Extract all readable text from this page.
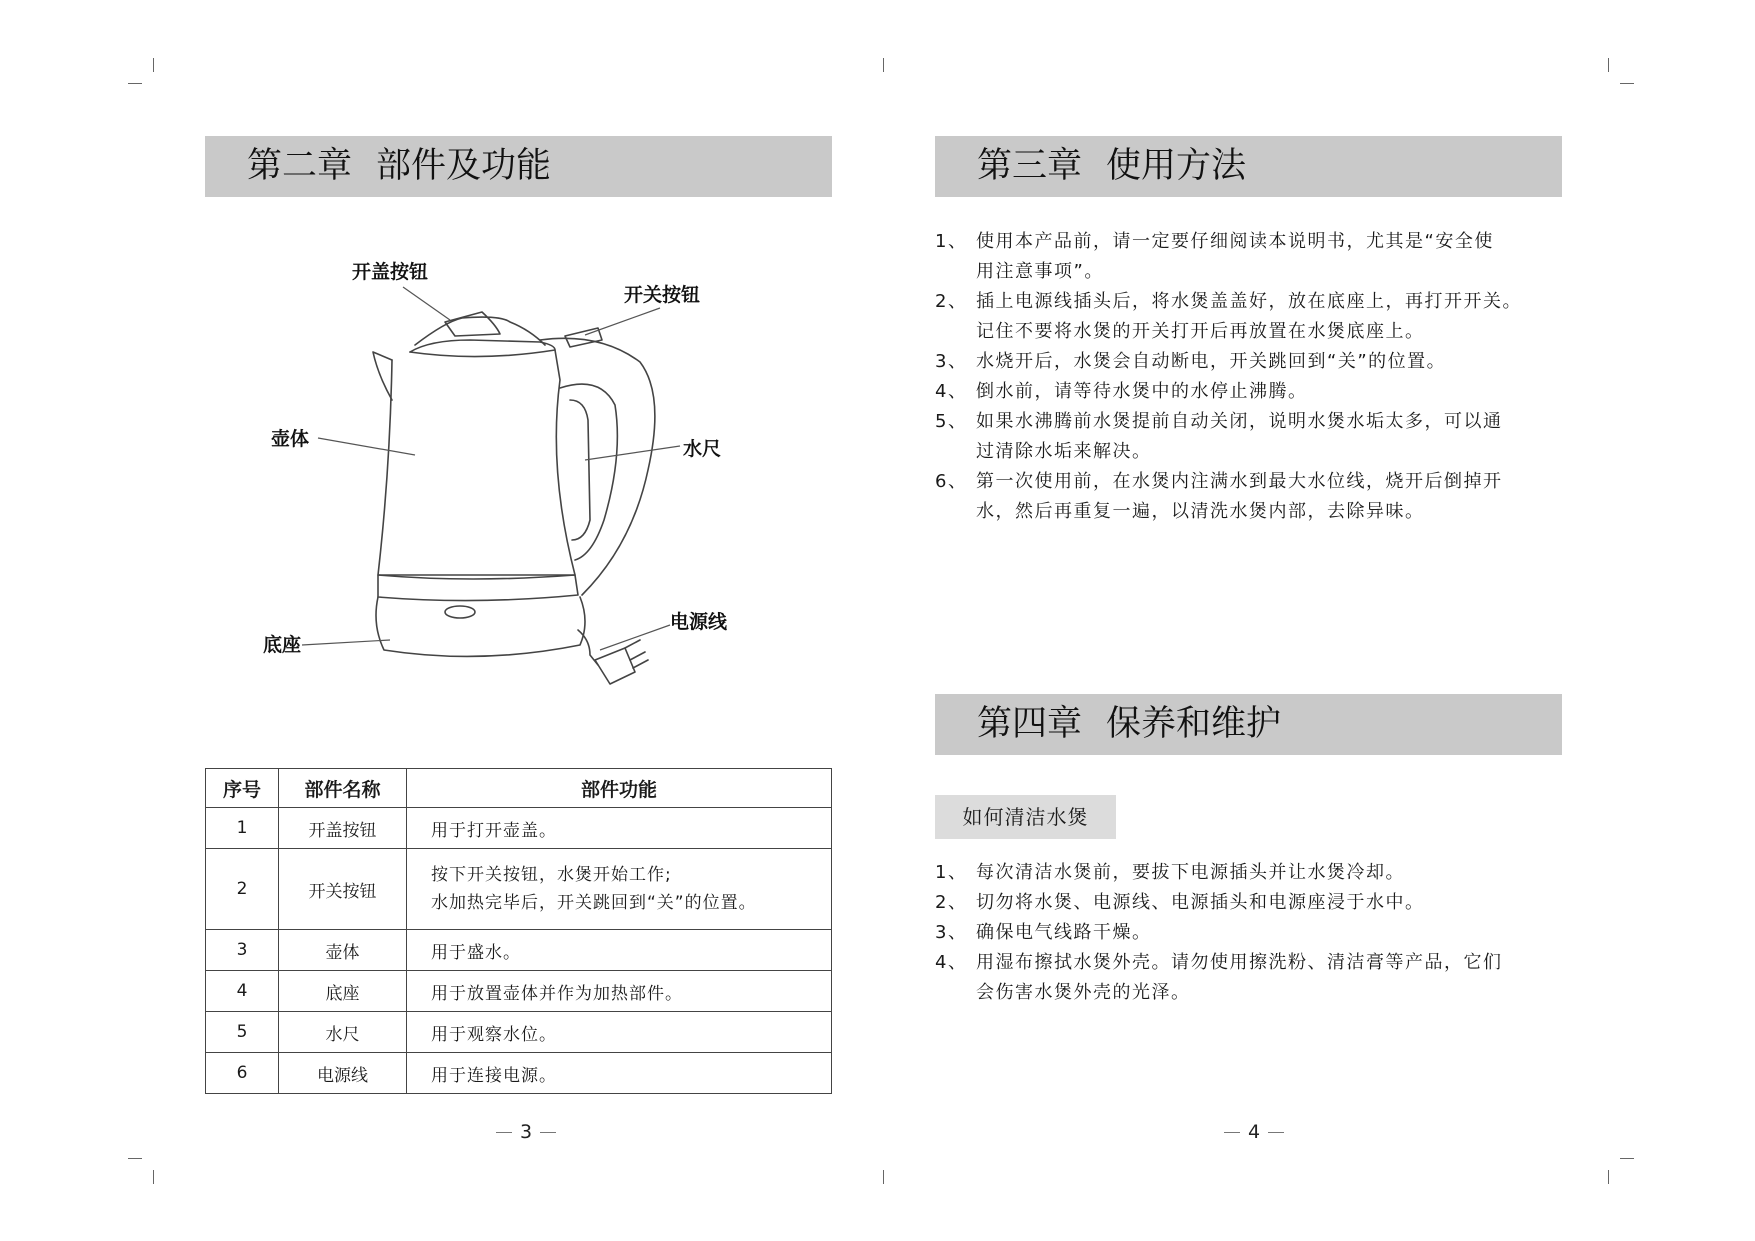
第二章 部件及功能
开盖按钮
开关按钮
壶体	水尺
底座
电源线
序号	部件名称	部件功能
1	开盖按钮	用于打开壶盖。
2	开关按钮	按下开关按钮，水煲开始工作;
水加热完毕后，开关跳回到“关”的位置。

3	壶体	用于盛水。
4	底座	用于放置壶体并作为加热部件。
5	水尺	用于观察水位。
6	电源线	用于连接电源。
3
第三章 使用方法
1、 使用本产品前，请一定要仔细阅读本说明书，尤其是“安全使
用注意事项”。
2、 插上电源线插头后，将水煲盖盖好，放在底座上，再打开开关。
记住不要将水煲的开关打开后再放置在水煲底座上。
3、 水烧开后，水煲会自动断电，开关跳回到“关”的位置。
4、 倒水前，请等待水煲中的水停止沸腾。
5、 如果水沸腾前水煲提前自动关闭，说明水煲水垢太多，可以通
过清除水垢来解决。
6、 第一次使用前，在水煲内注满水到最大水位线，烧开后倒掉开
水，然后再重复一遍，以清洗水煲内部，去除异味。
第四章 保养和维护
如何清洁水煲
1、 每次清洁水煲前，要拔下电源插头并让水煲冷却。
2、 切勿将水煲、电源线、电源插头和电源座浸于水中。
3、 确保电气线路干燥。
4、 用湿布擦拭水煲外壳。请勿使用擦洗粉、清洁膏等产品，它们
会伤害水煲外壳的光泽。
4
